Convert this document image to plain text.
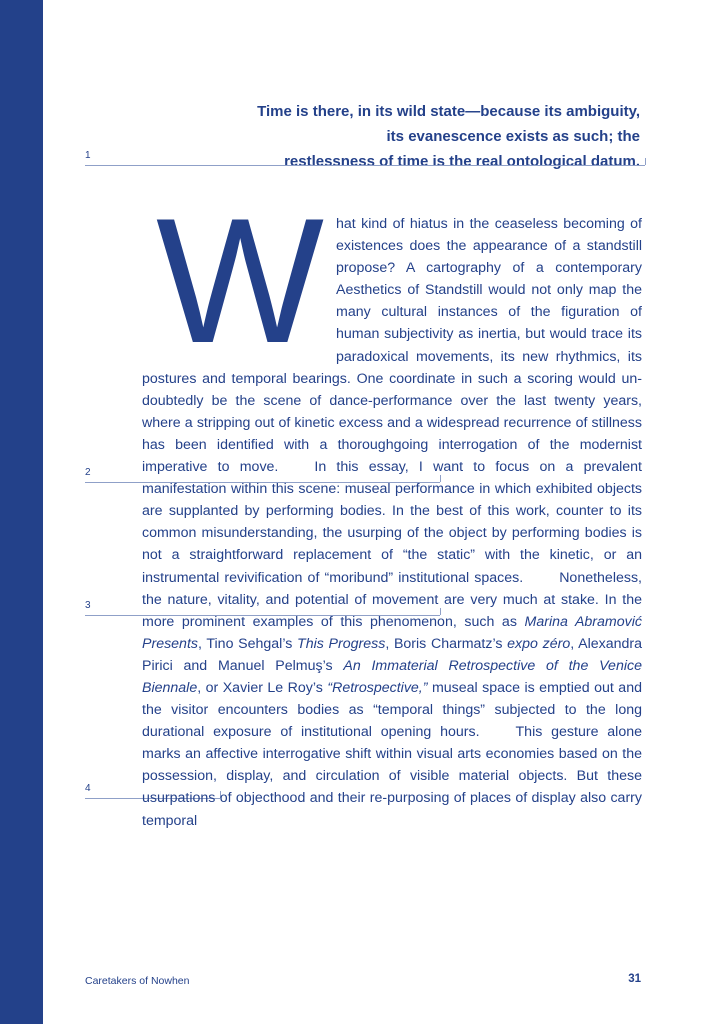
Time is there, in its wild state—because its ambiguity,
its evanescence exists as such; the
restlessness of time is the real ontological datum.
1
2
3
4
W hat kind of hiatus in the ceaseless becoming of existences does the appearance of a standstill propose? A cartography of a contemporary Aesthetics of Standstill would not only map the many cultural instances of the figuration of human subjectivity as inertia, but would trace its paradoxical movements, its new rhythmics, its postures and temporal bearings. One coordinate in such a scoring would undoubtedly be the scene of dance-performance over the last twenty years, where a stripping out of kinetic excess and a widespread recurrence of stillness has been identified with a thoroughgoing interrogation of the modernist imperative to move.	In this essay, I want to focus on a prevalent manifestation within this scene: museal performance in which exhibited objects are supplanted by performing bodies. In the best of this work, counter to its common misunderstanding, the usurping of the object by performing bodies is not a straightforward replacement of “the static” with the kinetic, or an instrumental revivification of “moribund” institutional spaces.	Nonetheless, the nature, vitality, and potential of movement are very much at stake. In the more prominent examples of this phenomenon, such as Marina Abramović Presents, Tino Sehgal’s This Progress, Boris Charmatz’s expo zéro, Alexandra Pirici and Manuel Pelmuş’s An Immaterial Retrospective of the Venice Biennale, or Xavier Le Roy’s “Retrospective,” museal space is emptied out and the visitor encounters bodies as “temporal things” subjected to the long durational exposure of institutional opening hours.	This gesture alone marks an affective interrogative shift within visual arts economies based on the possession, display, and circulation of visible material objects. But these usurpations of objecthood and their re-purposing of places of display also carry temporal

Caretakers of Nowhen	31
